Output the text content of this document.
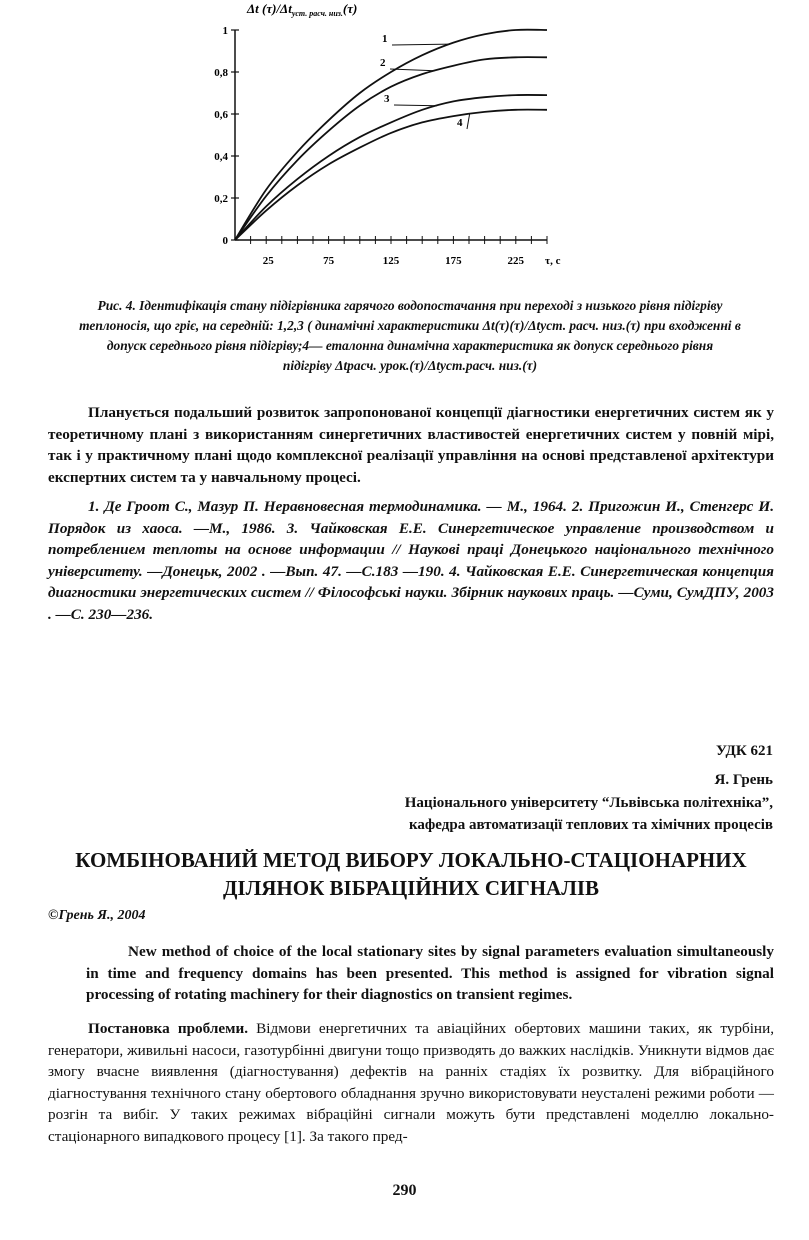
Δt $(\tau)/\Delta t_{уст. расч. низ.}(\tau)$
0
0,2
0,4
0,6
0,8
1
25	75	125	175	225 τ, с
1
2
3
4

Рис. 4. Ідентифікація стану підігрівника гарячого водопостачання при переході з низького рівня підігріву

теплоносія, що гріє, на середній: 1,2,3 ( динамічні характеристики Δt(τ)(τ)/Δtуст. расч. низ.(τ) при входженні в

допуск середнього рівня підігріву;4— еталонна динамічна характеристика як допуск середнього рівня

підігріву Δtрасч. урок.(τ)/Δtуст.расч. низ.(τ)

Планується подальший розвиток запропонованої концепції діагностики енергетичних систем як у теоретичному плані з використанням синергетичних властивостей енергетичних систем у повній мірі, так і у практичному плані щодо комплексної реалізації управління на основі представленої архітектури експертних систем та у навчальному процесі.

1. Де Гроот С., Мазур П. Неравновесная термодинамика. — М., 1964. 2. Пригожин И., Стенгерс И. Порядок из хаоса. —М., 1986. 3. Чайковская Е.Е. Синергетическое управление производством и потреблением теплоты на основе информации // Наукові праці Донецького національного технічного університету. —Донецьк, 2002 . —Вып. 47. —С.183 —190. 4. Чайковская Е.Е. Синергетическая концепция диагностики энергетических систем // Філософські науки. Збірник наукових праць. —Суми, СумДПУ, 2003 . —С. 230—236.

УДК 621
Я. Грень
Національного університету “Львівська політехніка”,
кафедра автоматизації теплових та хімічних процесів
КОМБІНОВАНИЙ МЕТОД ВИБОРУ ЛОКАЛЬНО-СТАЦІОНАРНИХ
ДІЛЯНОК ВІБРАЦІЙНИХ СИГНАЛІВ
©Грень Я., 2004

New method of choice of the local stationary sites by signal parameters evaluation simultaneously in time and frequency domains has been presented. This method is assigned for vibration signal processing of rotating machinery for their diagnostics on transient regimes.

Постановка проблеми. Відмови енергетичних та авіаційних обертових машини таких, як турбіни, генератори, живильні насоси, газотурбінні двигуни тощо призводять до важких наслідків. Уникнути відмов дає змогу вчасне виявлення (діагностування) дефектів на ранніх стадіях їх розвитку. Для вібраційного діагностування технічного стану обертового обладнання зручно використовувати неусталені режими роботи — розгін та вибіг. У таких режимах вібраційні сигнали можуть бути представлені моделлю локально-стаціонарного випадкового процесу [1]. За такого пред-

290
